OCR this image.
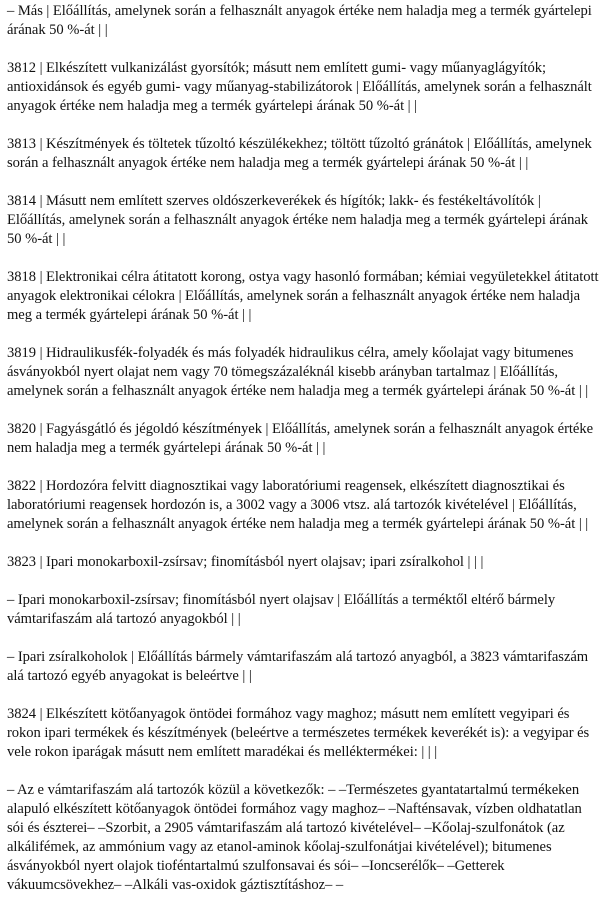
– Más | Előállítás, amelynek során a felhasznált anyagok értéke nem haladja meg a termék gyártelepi árának 50 %-át | |

3812 | Elkészített vulkanizálást gyorsítók; másutt nem említett gumi- vagy műanyaglágyítók; antioxidánsok és egyéb gumi- vagy műanyag-stabilizátorok | Előállítás, amelynek során a felhasznált anyagok értéke nem haladja meg a termék gyártelepi árának 50 %-át | |

3813 | Készítmények és töltetek tűzoltó készülékekhez; töltött tűzoltó gránátok | Előállítás, amelynek során a felhasznált anyagok értéke nem haladja meg a termék gyártelepi árának 50 %-át | |

3814 | Másutt nem említett szerves oldószerkeverékek és hígítók; lakk- és festékeltávolítók | Előállítás, amelynek során a felhasznált anyagok értéke nem haladja meg a termék gyártelepi árának 50 %-át | |

3818 | Elektronikai célra átitatott korong, ostya vagy hasonló formában; kémiai vegyületekkel átitatott anyagok elektronikai célokra | Előállítás, amelynek során a felhasznált anyagok értéke nem haladja meg a termék gyártelepi árának 50 %-át | |

3819 | Hidraulikusfék-folyadék és más folyadék hidraulikus célra, amely kőolajat vagy bitumenes ásványokból nyert olajat nem vagy 70 tömegszázaléknál kisebb arányban tartalmaz | Előállítás, amelynek során a felhasznált anyagok értéke nem haladja meg a termék gyártelepi árának 50 %-át | |

3820 | Fagyásgátló és jégoldó készítmények | Előállítás, amelynek során a felhasznált anyagok értéke nem haladja meg a termék gyártelepi árának 50 %-át | |

3822 | Hordozóra felvitt diagnosztikai vagy laboratóriumi reagensek, elkészített diagnosztikai és laboratóriumi reagensek hordozón is, a 3002 vagy a 3006 vtsz. alá tartozók kivételével | Előállítás, amelynek során a felhasznált anyagok értéke nem haladja meg a termék gyártelepi árának 50 %-át | |

3823 | Ipari monokarboxil-zsírsav; finomításból nyert olajsav; ipari zsíralkohol | | |

– Ipari monokarboxil-zsírsav; finomításból nyert olajsav | Előállítás a terméktől eltérő bármely vámtarifaszám alá tartozó anyagokból | |

– Ipari zsíralkoholok | Előállítás bármely vámtarifaszám alá tartozó anyagból, a 3823 vámtarifaszám alá tartozó egyéb anyagokat is beleértve | |

3824 | Elkészített kötőanyagok öntödei formához vagy maghoz; másutt nem említett vegyipari és rokon ipari termékek és készítmények (beleértve a természetes termékek keverékét is): a vegyipar és vele rokon iparágak másutt nem említett maradékai és melléktermékei: | | |

– Az e vámtarifaszám alá tartozók közül a következők: – –Természetes gyantatartalmú termékeken alapuló elkészített kötőanyagok öntödei formához vagy maghoz– –Nafténsavak, vízben oldhatatlan sói és észterei– –Szorbit, a 2905 vámtarifaszám alá tartozó kivételével– –Kőolaj-szulfonátok (az alkálifémek, az ammónium vagy az etanol-aminok kőolaj-szulfonátjai kivételével); bitumenes ásványokból nyert olajok tioféntartalmú szulfonsavai és sói– –Ioncserélők– –Getterek vákuumcsövekhez– –Alkáli vas-oxidok gáztisztításhoz– –
